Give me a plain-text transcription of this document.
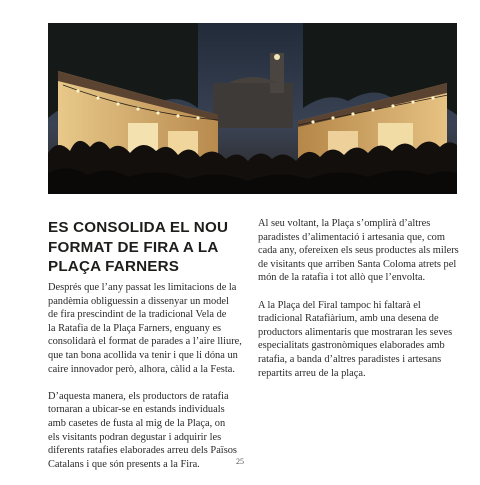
ES CONSOLIDA EL NOU
FORMAT DE FIRA A LA
PLAÇA FARNERS

Després que l’any passat les limitacions de la
pandèmia obliguessin a dissenyar un model
de fira prescindint de la tradicional Vela de
la Ratafia de la Plaça Farners, enguany es
consolidarà el format de parades a l’aire lliure,
que tan bona acollida va tenir i que li dóna un
caire innovador però, alhora, càlid a la Festa.

D’aquesta manera, els productors de ratafia
tornaran a ubicar-se en estands individuals
amb casetes de fusta al mig de la Plaça, on
els visitants podran degustar i adquirir les
diferents ratafies elaborades arreu dels Països
Catalans i que són presents a la Fira.

Al seu voltant, la Plaça s’omplirà d’altres
paradistes d’alimentació i artesania que, com
cada any, ofereixen els seus productes als milers
de visitants que arriben Santa Coloma atrets pel
món de la ratafia i tot allò que l’envolta.

A la Plaça del Firal tampoc hi faltarà el
tradicional Ratafiàrium, amb una desena de
productors alimentaris que mostraran les seves
especialitats gastronòmiques elaborades amb
ratafia, a banda d’altres paradistes i artesans
repartits arreu de la plaça.

25
